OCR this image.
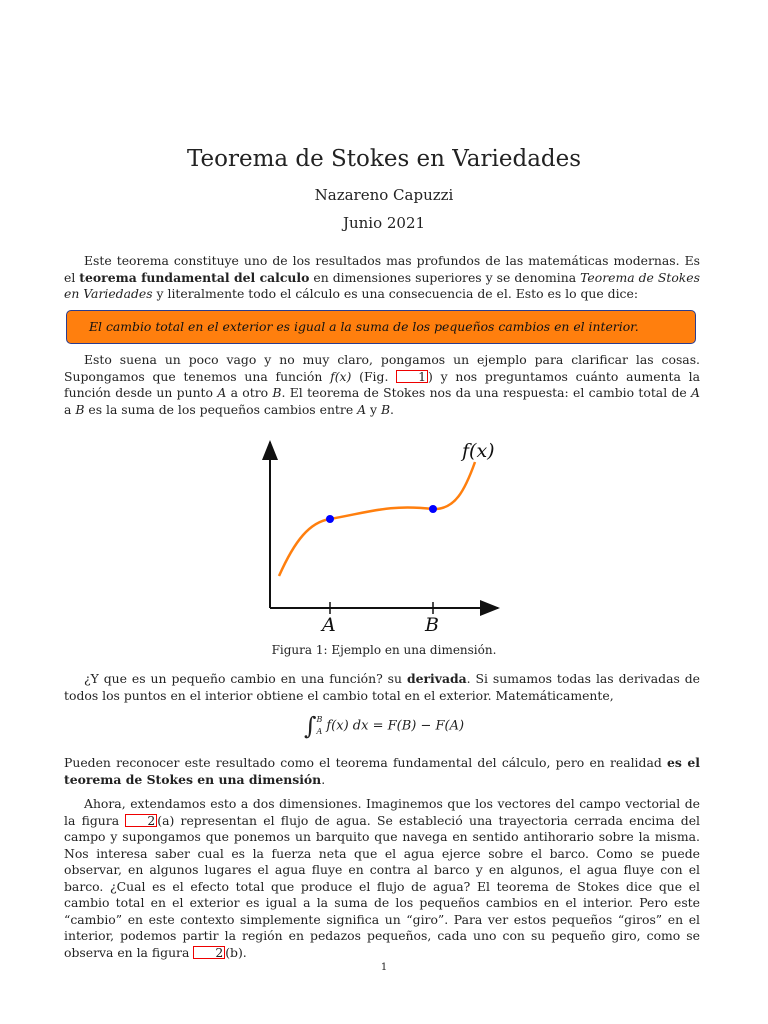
Teorema de Stokes en Variedades
Nazareno Capuzzi
Junio 2021

Este teorema constituye uno de los resultados mas profundos de las matemáticas modernas. Es el teorema fundamental del calculo en dimensiones superiores y se denomina Teorema de Stokes en Variedades y literalmente todo el cálculo es una consecuencia de el. Esto es lo que dice:

El cambio total en el exterior es igual a la suma de los pequeños cambios en el interior.

Esto suena un poco vago y no muy claro, pongamos un ejemplo para clarificar las cosas. Supongamos que tenemos una función f(x) (Fig. 1 ) y nos preguntamos cuánto aumenta la función desde un punto A a otro B. El teorema de Stokes nos da una respuesta: el cambio total de A a B es la suma de los pequeños cambios entre A y B.

f(x)
A	B
Figura 1: Ejemplo en una dimensión.

¿Y que es un pequeño cambio en una función? su derivada. Si sumamos todas las derivadas de todos los puntos en el interior obtiene el cambio total en el exterior. Matemáticamente,

∫B
A f(x) dx = F(B) − F(A)

Pueden reconocer este resultado como el teorema fundamental del cálculo, pero en realidad es el teorema de Stokes en una dimensión.

Ahora, extendamos esto a dos dimensiones. Imaginemos que los vectores del campo vectorial de la figura 2 (a) representan el flujo de agua. Se estableció una trayectoria cerrada encima del campo y supongamos que ponemos un barquito que navega en sentido antihorario sobre la misma. Nos interesa saber cual es la fuerza neta que el agua ejerce sobre el barco. Como se puede observar, en algunos lugares el agua fluye en contra al barco y en algunos, el agua fluye con el barco. ¿Cual es el efecto total que produce el flujo de agua? El teorema de Stokes dice que el cambio total en el exterior es igual a la suma de los pequeños cambios en el interior. Pero este “cambio” en este contexto simplemente significa un “giro”. Para ver estos pequeños “giros” en el interior, podemos partir la región en pedazos pequeños, cada uno con su pequeño giro, como se observa en la figura 2 (b).

1
